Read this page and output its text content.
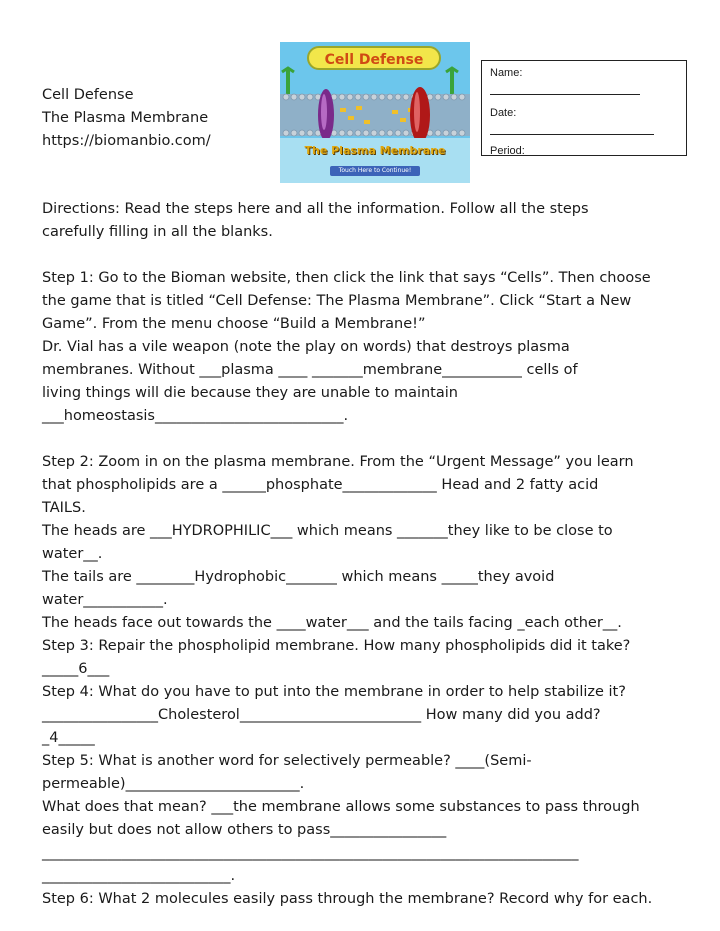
Cell Defense
The Plasma Membrane
https://biomanbio.com/
Cell Defense
The Plasma Membrane
Touch Here to Continue!
Name:
Date:
Period:

Directions: Read the steps here and all the information. Follow all the steps

carefully filling in all the blanks.

Step 1: Go to the Bioman website, then click the link that says “Cells”. Then choose

the game that is titled “Cell Defense: The Plasma Membrane”. Click “Start a New

Game”. From the menu choose “Build a Membrane!”

Dr. Vial has a vile weapon (note the play on words) that destroys plasma

membranes. Without ___plasma ____ _______membrane___________ cells of

living things will die because they are unable to maintain

___homeostasis__________________________.

Step 2: Zoom in on the plasma membrane. From the “Urgent Message” you learn

that phospholipids are a ______phosphate_____________ Head and 2 fatty acid

TAILS.

The heads are ___HYDROPHILIC___ which means _______they like to be close to

water__.

The tails are ________Hydrophobic_______ which means _____they avoid

water___________.

The heads face out towards the ____water___ and the tails facing _each other__.

Step 3: Repair the phospholipid membrane. How many phospholipids did it take?

_____6___

Step 4: What do you have to put into the membrane in order to help stabilize it?

________________Cholesterol_________________________ How many did you add?

_4_____

Step 5: What is another word for selectively permeable? ____(Semi-

permeable)________________________.

What does that mean? ___the membrane allows some substances to pass through

easily but does not allow others to pass________________

__________________________________________________________________________

__________________________.

Step 6: What 2 molecules easily pass through the membrane? Record why for each.
